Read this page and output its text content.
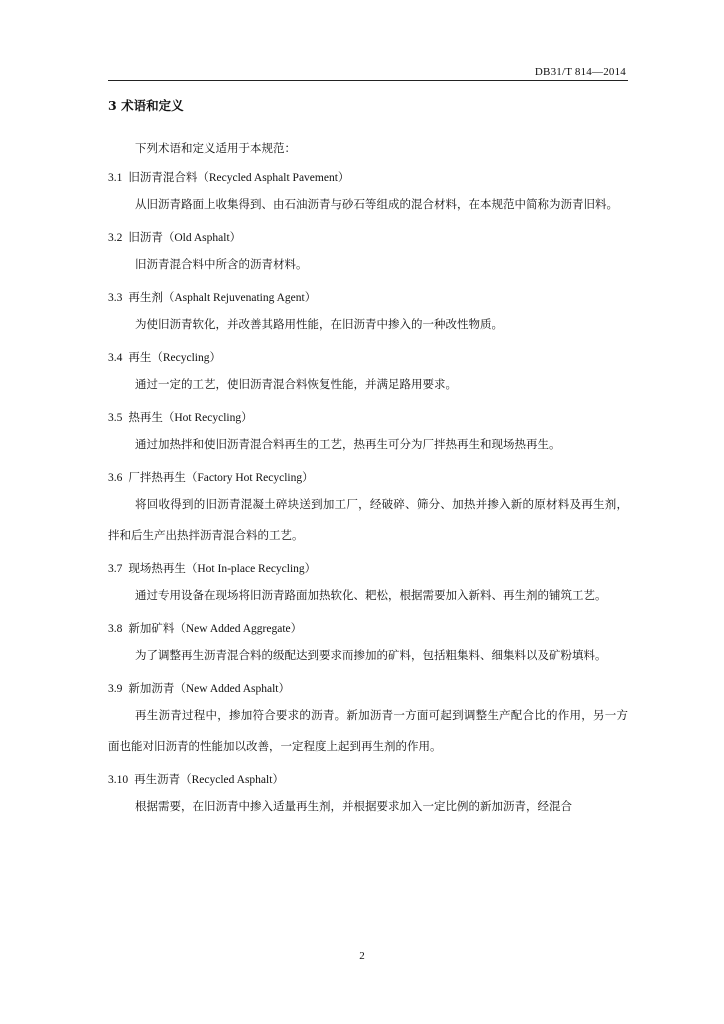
DB31/T 814—2014
3 术语和定义
下列术语和定义适用于本规范：
3.1 旧沥青混合料（Recycled Asphalt Pavement）
从旧沥青路面上收集得到、由石油沥青与砂石等组成的混合材料，在本规范中简称为沥青旧料。
3.2 旧沥青（Old Asphalt）
旧沥青混合料中所含的沥青材料。
3.3 再生剂（Asphalt Rejuvenating Agent）
为使旧沥青软化，并改善其路用性能，在旧沥青中掺入的一种改性物质。
3.4 再生（Recycling）
通过一定的工艺，使旧沥青混合料恢复性能，并满足路用要求。
3.5 热再生（Hot Recycling）
通过加热拌和使旧沥青混合料再生的工艺，热再生可分为厂拌热再生和现场热再生。
3.6 厂拌热再生（Factory Hot Recycling）
将回收得到的旧沥青混凝土碎块送到加工厂，经破碎、筛分、加热并掺入新的原材料及再生剂，拌和后生产出热拌沥青混合料的工艺。
3.7 现场热再生（Hot In-place Recycling）
通过专用设备在现场将旧沥青路面加热软化、耙松，根据需要加入新料、再生剂的铺筑工艺。
3.8 新加矿料（New Added Aggregate）
为了调整再生沥青混合料的级配达到要求而掺加的矿料，包括粗集料、细集料以及矿粉填料。
3.9 新加沥青（New Added Asphalt）
再生沥青过程中，掺加符合要求的沥青。新加沥青一方面可起到调整生产配合比的作用，另一方面也能对旧沥青的性能加以改善，一定程度上起到再生剂的作用。
3.10 再生沥青（Recycled Asphalt）
根据需要，在旧沥青中掺入适量再生剂，并根据要求加入一定比例的新加沥青，经混合
2
